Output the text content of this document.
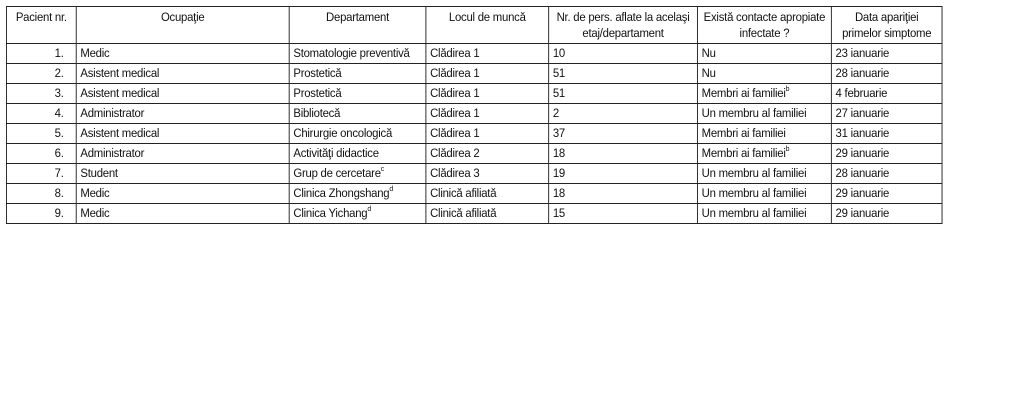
Pacient nr.	Ocupaţie	Departament	Locul de muncă	Nr. de pers. aflate la acelaşi etaj/departament	Există contacte apropiate infectate ?	Data apariţiei primelor simptome
1.	Medic	Stomatologie preventivă	Clădirea 1	10	Nu	23 ianuarie
2.	Asistent medical	Prostetică	Clădirea 1	51	Nu	28 ianuarie
3.	Asistent medical	Prostetică	Clădirea 1	51	Membri ai familiei$^b$	4 februarie
4.	Administrator	Bibliotecă	Clădirea 1	2	Un membru al familiei	27 ianuarie
5.	Asistent medical	Chirurgie oncologică	Clădirea 1	37	Membri ai familiei	31 ianuarie
6.	Administrator	Activităţi didactice	Clădirea 2	18	Membri ai familiei$^b$	29 ianuarie
7.	Student	Grup de cercetare$^c$	Clădirea 3	19	Un membru al familiei	28 ianuarie
8.	Medic	Clinica Zhongshang$^d$	Clinică afiliată	18	Un membru al familiei	29 ianuarie
9.	Medic	Clinica Yichang$^d$	Clinică afiliată	15	Un membru al familiei	29 ianuarie
